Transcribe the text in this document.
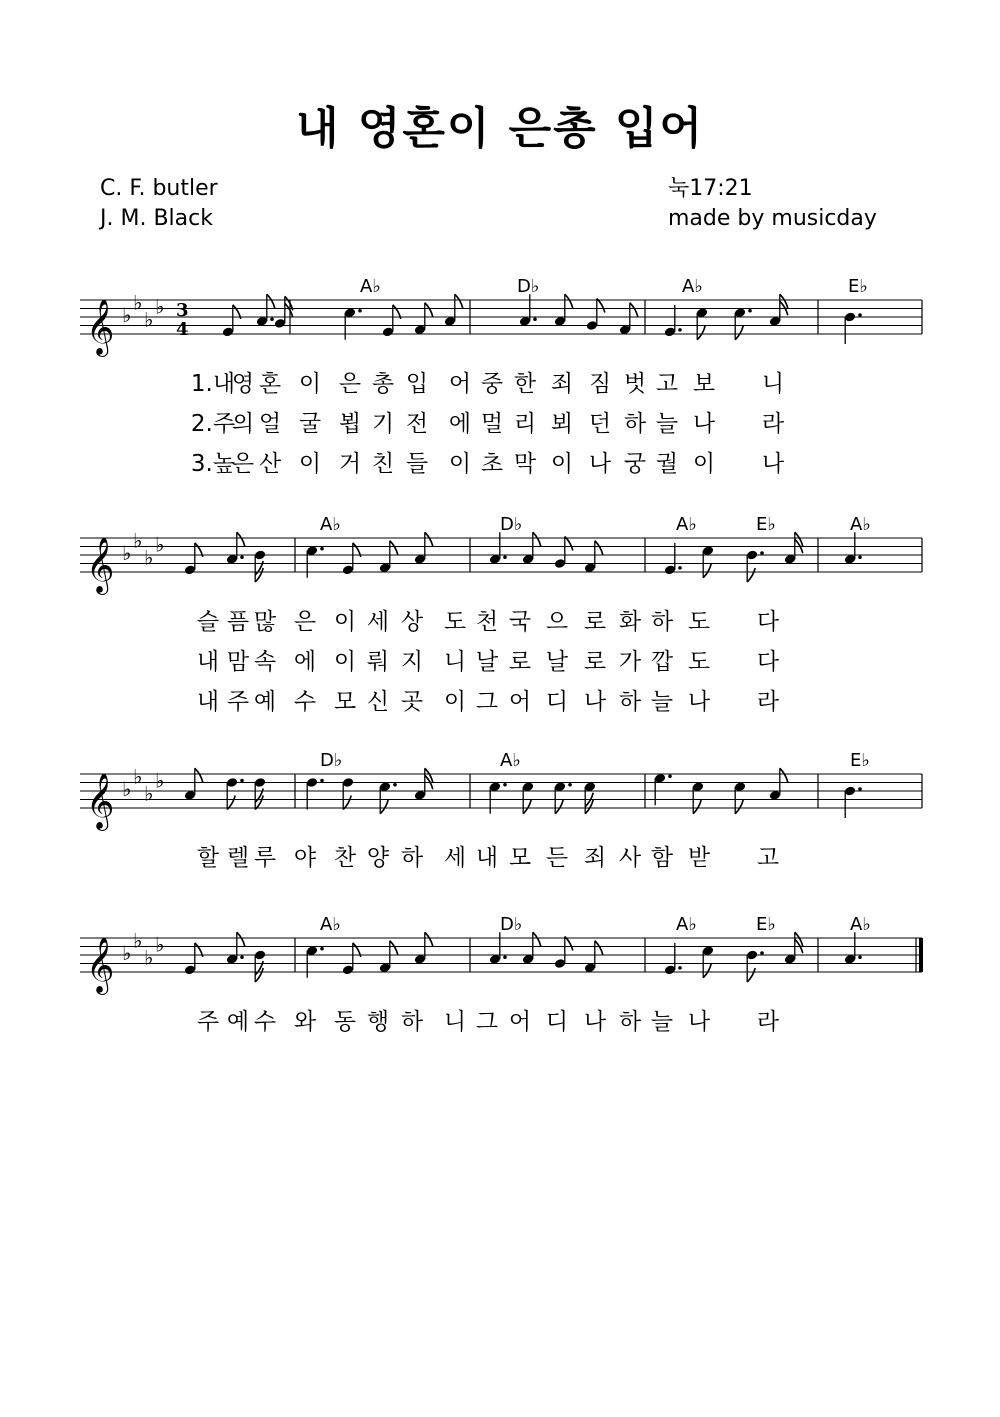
내 영혼이 은총 입어
C. F. butler
J. M. Black
눅17:21
made by musicday
𝄞 ♭
♭
♭
♭ 3
4
A♭	D♭	A♭	E♭
1.내
영 혼 이 은 총 입 어 중 한 죄 짐 벗 고 보 니
2.주
의 얼 굴 뵙 기 전 에 멀 리 뵈 던 하 늘 나 라
3.높
은 산 이 거 친 들 이 초 막 이 나 궁 궐 이 나
𝄞 ♭
♭
♭
♭
A♭	D♭	A♭	E♭	A♭
슬 픔 많 은 이 세 상 도 천 국 으 로 화 하 도 다
내 맘 속 에 이 뤄 지 니 날 로 날 로 가 깝 도 다
내 주 예 수 모 신 곳 이 그 어 디 나 하 늘 나 라
𝄞 ♭
♭
♭
♭
D♭	A♭	E♭
할 렐 루 야 찬 양 하 세 내 모 든 죄 사 함 받 고
𝄞 ♭
♭
♭
♭
A♭	D♭	A♭	E♭	A♭
주 예 수 와 동 행 하 니 그 어 디 나 하 늘 나 라
